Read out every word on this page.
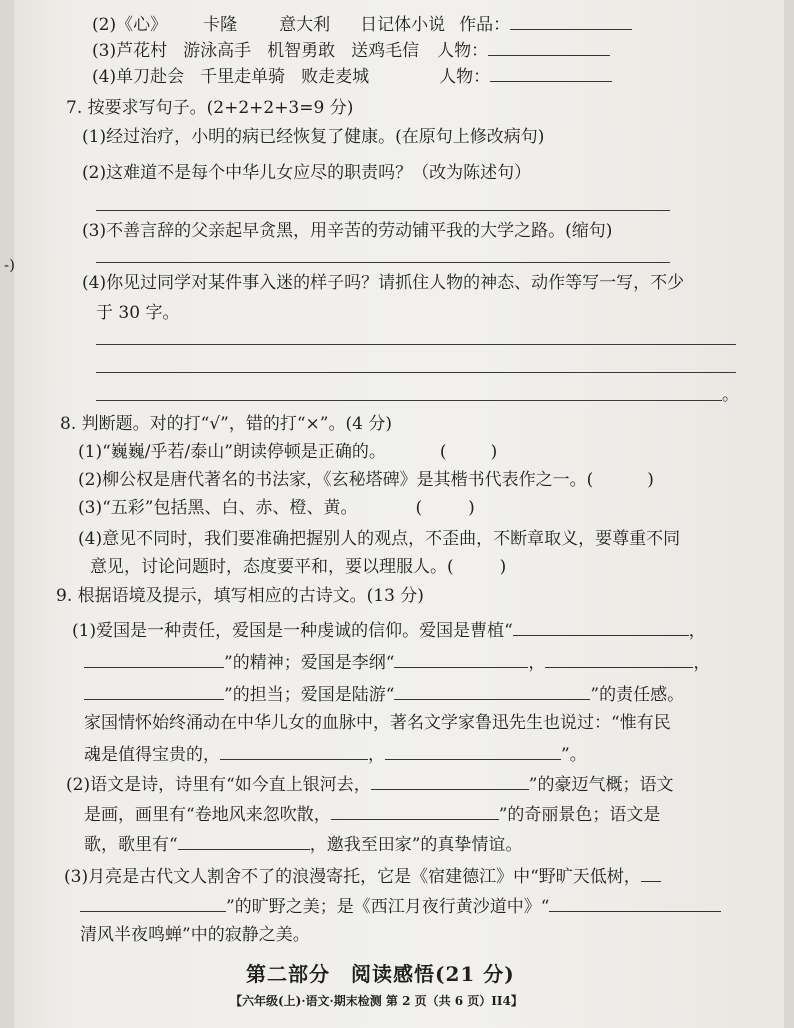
-)
(2)《心》 卡隆 意大利 日记体小说 作品：
(3)芦花村 游泳高手 机智勇敢 送鸡毛信 人物：
(4)单刀赴会 千里走单骑 败走麦城	人物：
7. 按要求写句子。(2+2+2+3=9 分)
(1)经过治疗，小明的病已经恢复了健康。(在原句上修改病句)
(2)这难道不是每个中华儿女应尽的职责吗？（改为陈述句）
(3)不善言辞的父亲起早贪黑，用辛苦的劳动铺平我的大学之路。(缩句)
(4)你见过同学对某件事入迷的样子吗？请抓住人物的神态、动作等写一写，不少
于 30 字。
。
8. 判断题。对的打“√”，错的打“×”。(4 分)
(1)“巍巍/乎若/泰山”朗读停顿是正确的。	(	)
(2)柳公权是唐代著名的书法家，《玄秘塔碑》是其楷书代表作之一。(	)
(3)“五彩”包括黑、白、赤、橙、黄。	(	)
(4)意见不同时，我们要准确把握别人的观点，不歪曲，不断章取义，要尊重不同
意见，讨论问题时，态度要平和，要以理服人。(	)
9. 根据语境及提示，填写相应的古诗文。(13 分)
(1)爱国是一种责任，爱国是一种虔诚的信仰。爱国是曹植“	，
”的精神；爱国是李纲“	，	，
”的担当；爱国是陆游“	”的责任感。
家国情怀始终涌动在中华儿女的血脉中，著名文学家鲁迅先生也说过：“惟有民
魂是值得宝贵的，	，	”。
(2)语文是诗，诗里有“如今直上银河去，	”的豪迈气概；语文
是画，画里有“卷地风来忽吹散，	”的奇丽景色；语文是
歌，歌里有“	，邀我至田家”的真挚情谊。
(3)月亮是古代文人割舍不了的浪漫寄托，它是《宿建德江》中“野旷天低树，
”的旷野之美；是《西江月夜行黄沙道中》“
清风半夜鸣蝉”中的寂静之美。
第二部分　阅读感悟(21 分)
【六年级(上)·语文·期末检测 第 2 页（共 6 页）II4】
